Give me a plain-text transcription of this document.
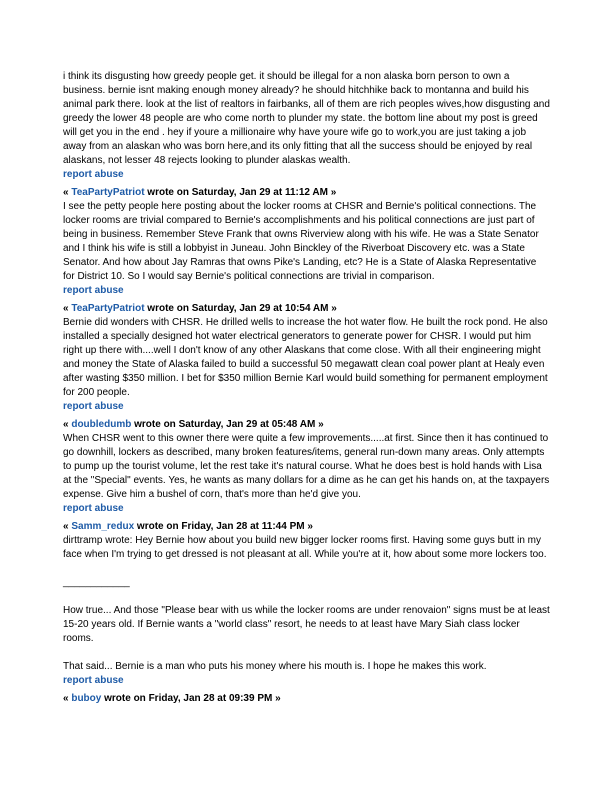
i think its disgusting how greedy people get. it should be illegal for a non alaska born person to own a business. bernie isnt making enough money already? he should hitchhike back to montanna and build his animal park there. look at the list of realtors in fairbanks, all of them are rich peoples wives,how disgusting and greedy the lower 48 people are who come north to plunder my state. the bottom line about my post is greed will get you in the end . hey if youre a millionaire why have youre wife go to work,you are just taking a job away from an alaskan who was born here,and its only fitting that all the success should be enjoyed by real alaskans, not lesser 48 rejects looking to plunder alaskas wealth.

report abuse

« TeaPartyPatriot wrote on Saturday, Jan 29 at 11:12 AM »

I see the petty people here posting about the locker rooms at CHSR and Bernie's political connections. The locker rooms are trivial compared to Bernie's accomplishments and his political connections are just part of being in business. Remember Steve Frank that owns Riverview along with his wife. He was a State Senator and I think his wife is still a lobbyist in Juneau. John Binckley of the Riverboat Discovery etc. was a State Senator. And how about Jay Ramras that owns Pike's Landing, etc? He is a State of Alaska Representative for District 10. So I would say Bernie's political connections are trivial in comparison.

report abuse

« TeaPartyPatriot wrote on Saturday, Jan 29 at 10:54 AM »

Bernie did wonders with CHSR. He drilled wells to increase the hot water flow. He built the rock pond. He also installed a specially designed hot water electrical generators to generate power for CHSR. I would put him right up there with....well I don't know of any other Alaskans that come close. With all their engineering might and money the State of Alaska failed to build a successful 50 megawatt clean coal power plant at Healy even after wasting $350 million. I bet for $350 million Bernie Karl would build something for permanent employment for 200 people.

report abuse

« doubledumb wrote on Saturday, Jan 29 at 05:48 AM »

When CHSR went to this owner there were quite a few improvements.....at first. Since then it has continued to go downhill, lockers as described, many broken features/items, general run-down many areas. Only attempts to pump up the tourist volume, let the rest take it's natural course. What he does best is hold hands with Lisa at the "Special" events. Yes, he wants as many dollars for a dime as he can get his hands on, at the taxpayers expense. Give him a bushel of corn, that's more than he'd give you.

report abuse

« Samm_redux wrote on Friday, Jan 28 at 11:44 PM »

dirttramp wrote: Hey Bernie how about you build new bigger locker rooms first. Having some guys butt in my face when I'm trying to get dressed is not pleasant at all. While you're at it, how about some more lockers too.

____________

How true... And those "Please bear with us while the locker rooms are under renovaion" signs must be at least 15-20 years old. If Bernie wants a "world class" resort, he needs to at least have Mary Siah class locker rooms.

That said... Bernie is a man who puts his money where his mouth is. I hope he makes this work.

report abuse

« buboy wrote on Friday, Jan 28 at 09:39 PM »
